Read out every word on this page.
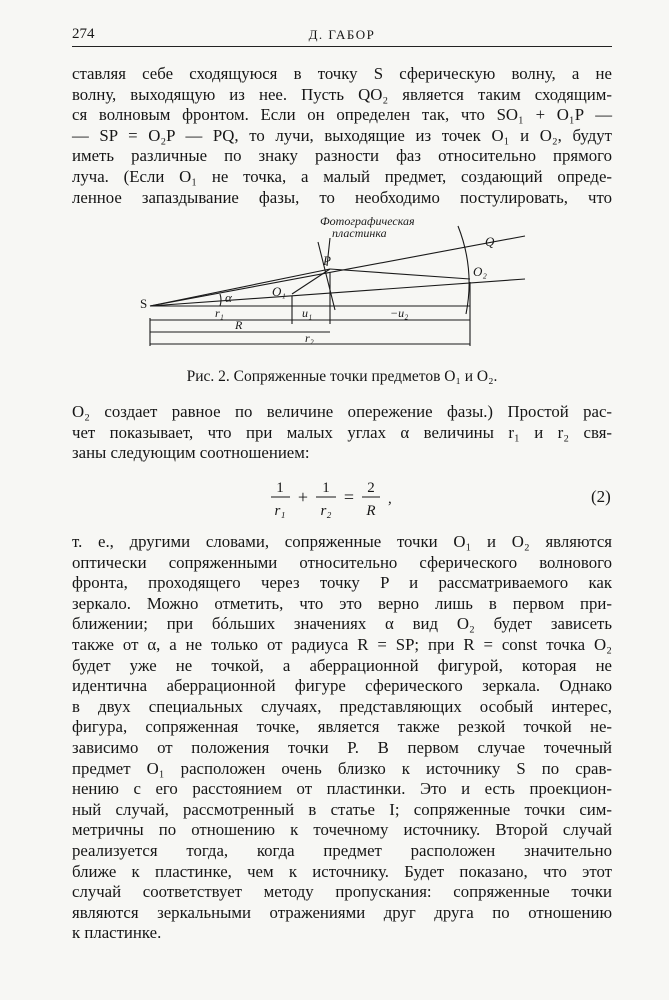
274	Д. ГАБОР
ставляя себе сходящуюся в точку S сферическую волну, а не
волну, выходящую из нее. Пусть QO₂ является таким сходящим-
ся волновым фронтом. Если он определен так, что SO₁ + O₁P —
— SP = O₂P — PQ, то лучи, выходящие из точек O₁ и O₂, будут
иметь различные по знаку разности фаз относительно прямого
луча. (Если O₁ не точка, а малый предмет, создающий опреде-
ленное запаздывание фазы, то необходимо постулировать, что
S
P
Q
O₁
O₂
α
r₁	u₁	−u₂
R
r₂
Фотографическая
пластинка
Рис. 2. Сопряженные точки предметов O₁ и O₂.
O₂ создает равное по величине опережение фазы.) Простой рас-
чет показывает, что при малых углах α величины r₁ и r₂ свя-
заны следующим соотношением:
1
r₁
+ 1
r₂
= 2
R
,	(2)
т. е., другими словами, сопряженные точки O₁ и O₂ являются
оптически сопряженными относительно сферического волнового
фронта, проходящего через точку P и рассматриваемого как
зеркало. Можно отметить, что это верно лишь в первом при-
ближении; при бóльших значениях α вид O₂ будет зависеть
также от α, а не только от радиуса R = SP; при R = const точка O₂
будет уже не точкой, а аберрационной фигурой, которая не
идентична аберрационной фигуре сферического зеркала. Однако
в двух специальных случаях, представляющих особый интерес,
фигура, сопряженная точке, является также резкой точкой не-
зависимо от положения точки P. В первом случае точечный
предмет O₁ расположен очень близко к источнику S по срав-
нению с его расстоянием от пластинки. Это и есть проекцион-
ный случай, рассмотренный в статье I; сопряженные точки сим-
метричны по отношению к точечному источнику. Второй случай
реализуется тогда, когда предмет расположен значительно
ближе к пластинке, чем к источнику. Будет показано, что этот
случай соответствует методу пропускания: сопряженные точки
являются зеркальными отражениями друг друга по отношению
к пластинке.
